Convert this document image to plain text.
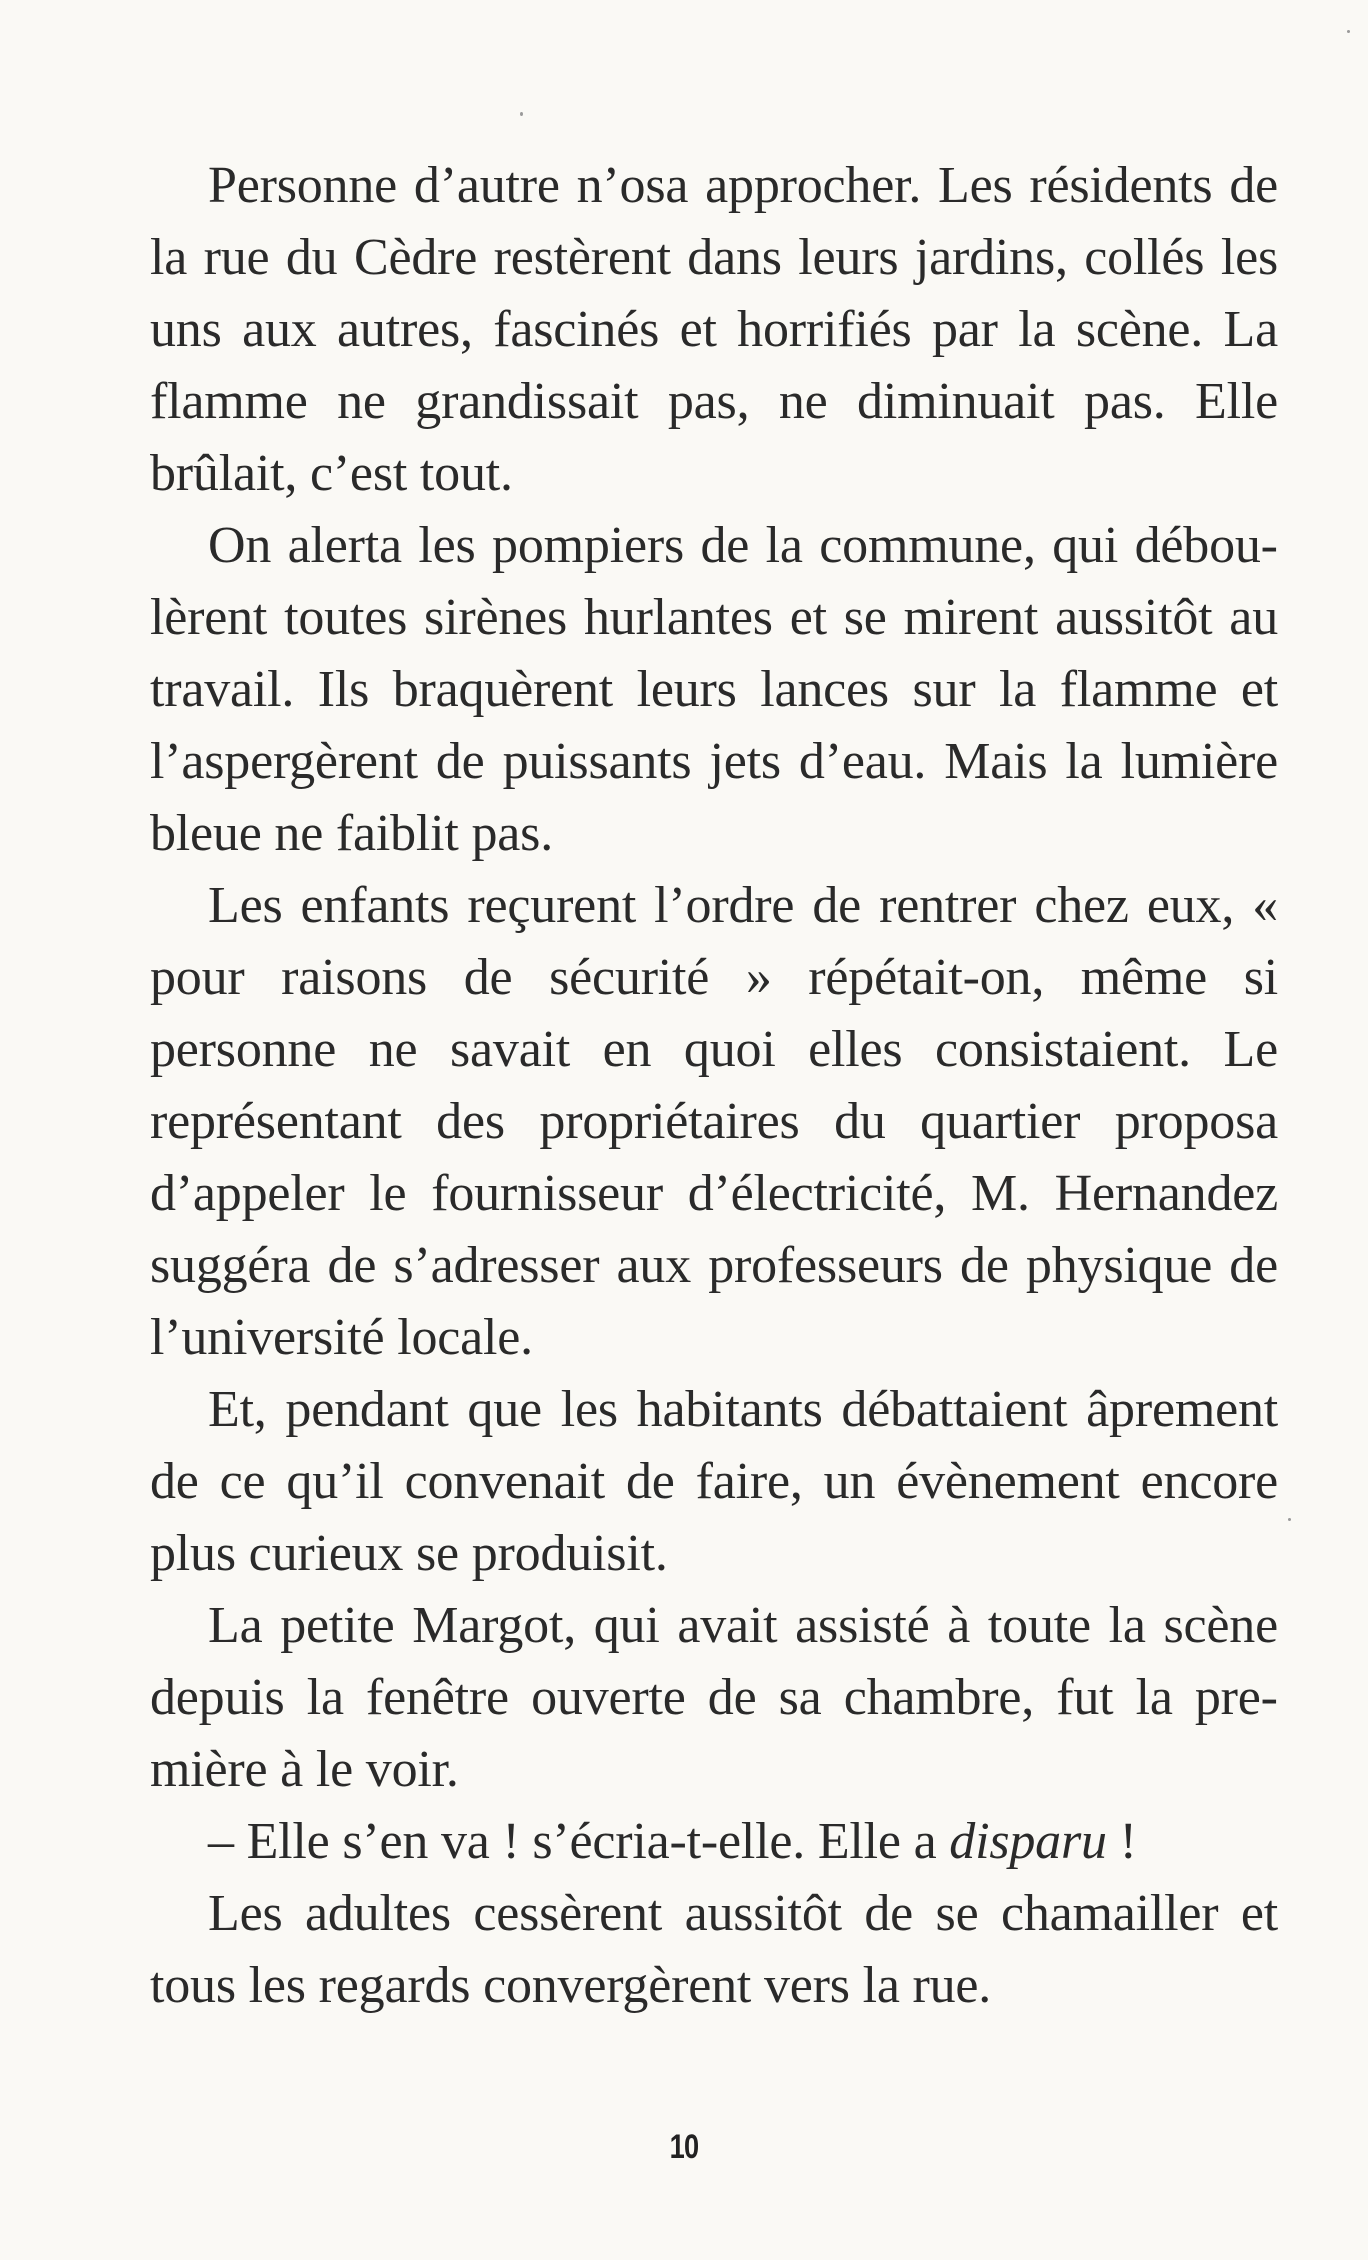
Personne d’autre n’osa approcher. Les résidents de la rue du Cèdre restèrent dans leurs jardins, collés les uns aux autres, fascinés et horrifiés par la scène. La flamme ne grandissait pas, ne diminuait pas. Elle brûlait, c’est tout.

On alerta les pompiers de la commune, qui déboulèrent toutes sirènes hurlantes et se mirent aussitôt au travail. Ils braquèrent leurs lances sur la flamme et l’aspergèrent de puissants jets d’eau. Mais la lumière bleue ne faiblit pas.

Les enfants reçurent l’ordre de rentrer chez eux, « pour raisons de sécurité » répétait-on, même si personne ne savait en quoi elles consistaient. Le représentant des propriétaires du quartier proposa d’appeler le fournisseur d’électricité, M. Hernandez suggéra de s’adresser aux professeurs de physique de l’université locale.

Et, pendant que les habitants débattaient âprement de ce qu’il convenait de faire, un évènement encore plus curieux se produisit.

La petite Margot, qui avait assisté à toute la scène depuis la fenêtre ouverte de sa chambre, fut la première à le voir.

– Elle s’en va ! s’écria-t-elle. Elle a disparu !

Les adultes cessèrent aussitôt de se chamailler et tous les regards convergèrent vers la rue.

10
